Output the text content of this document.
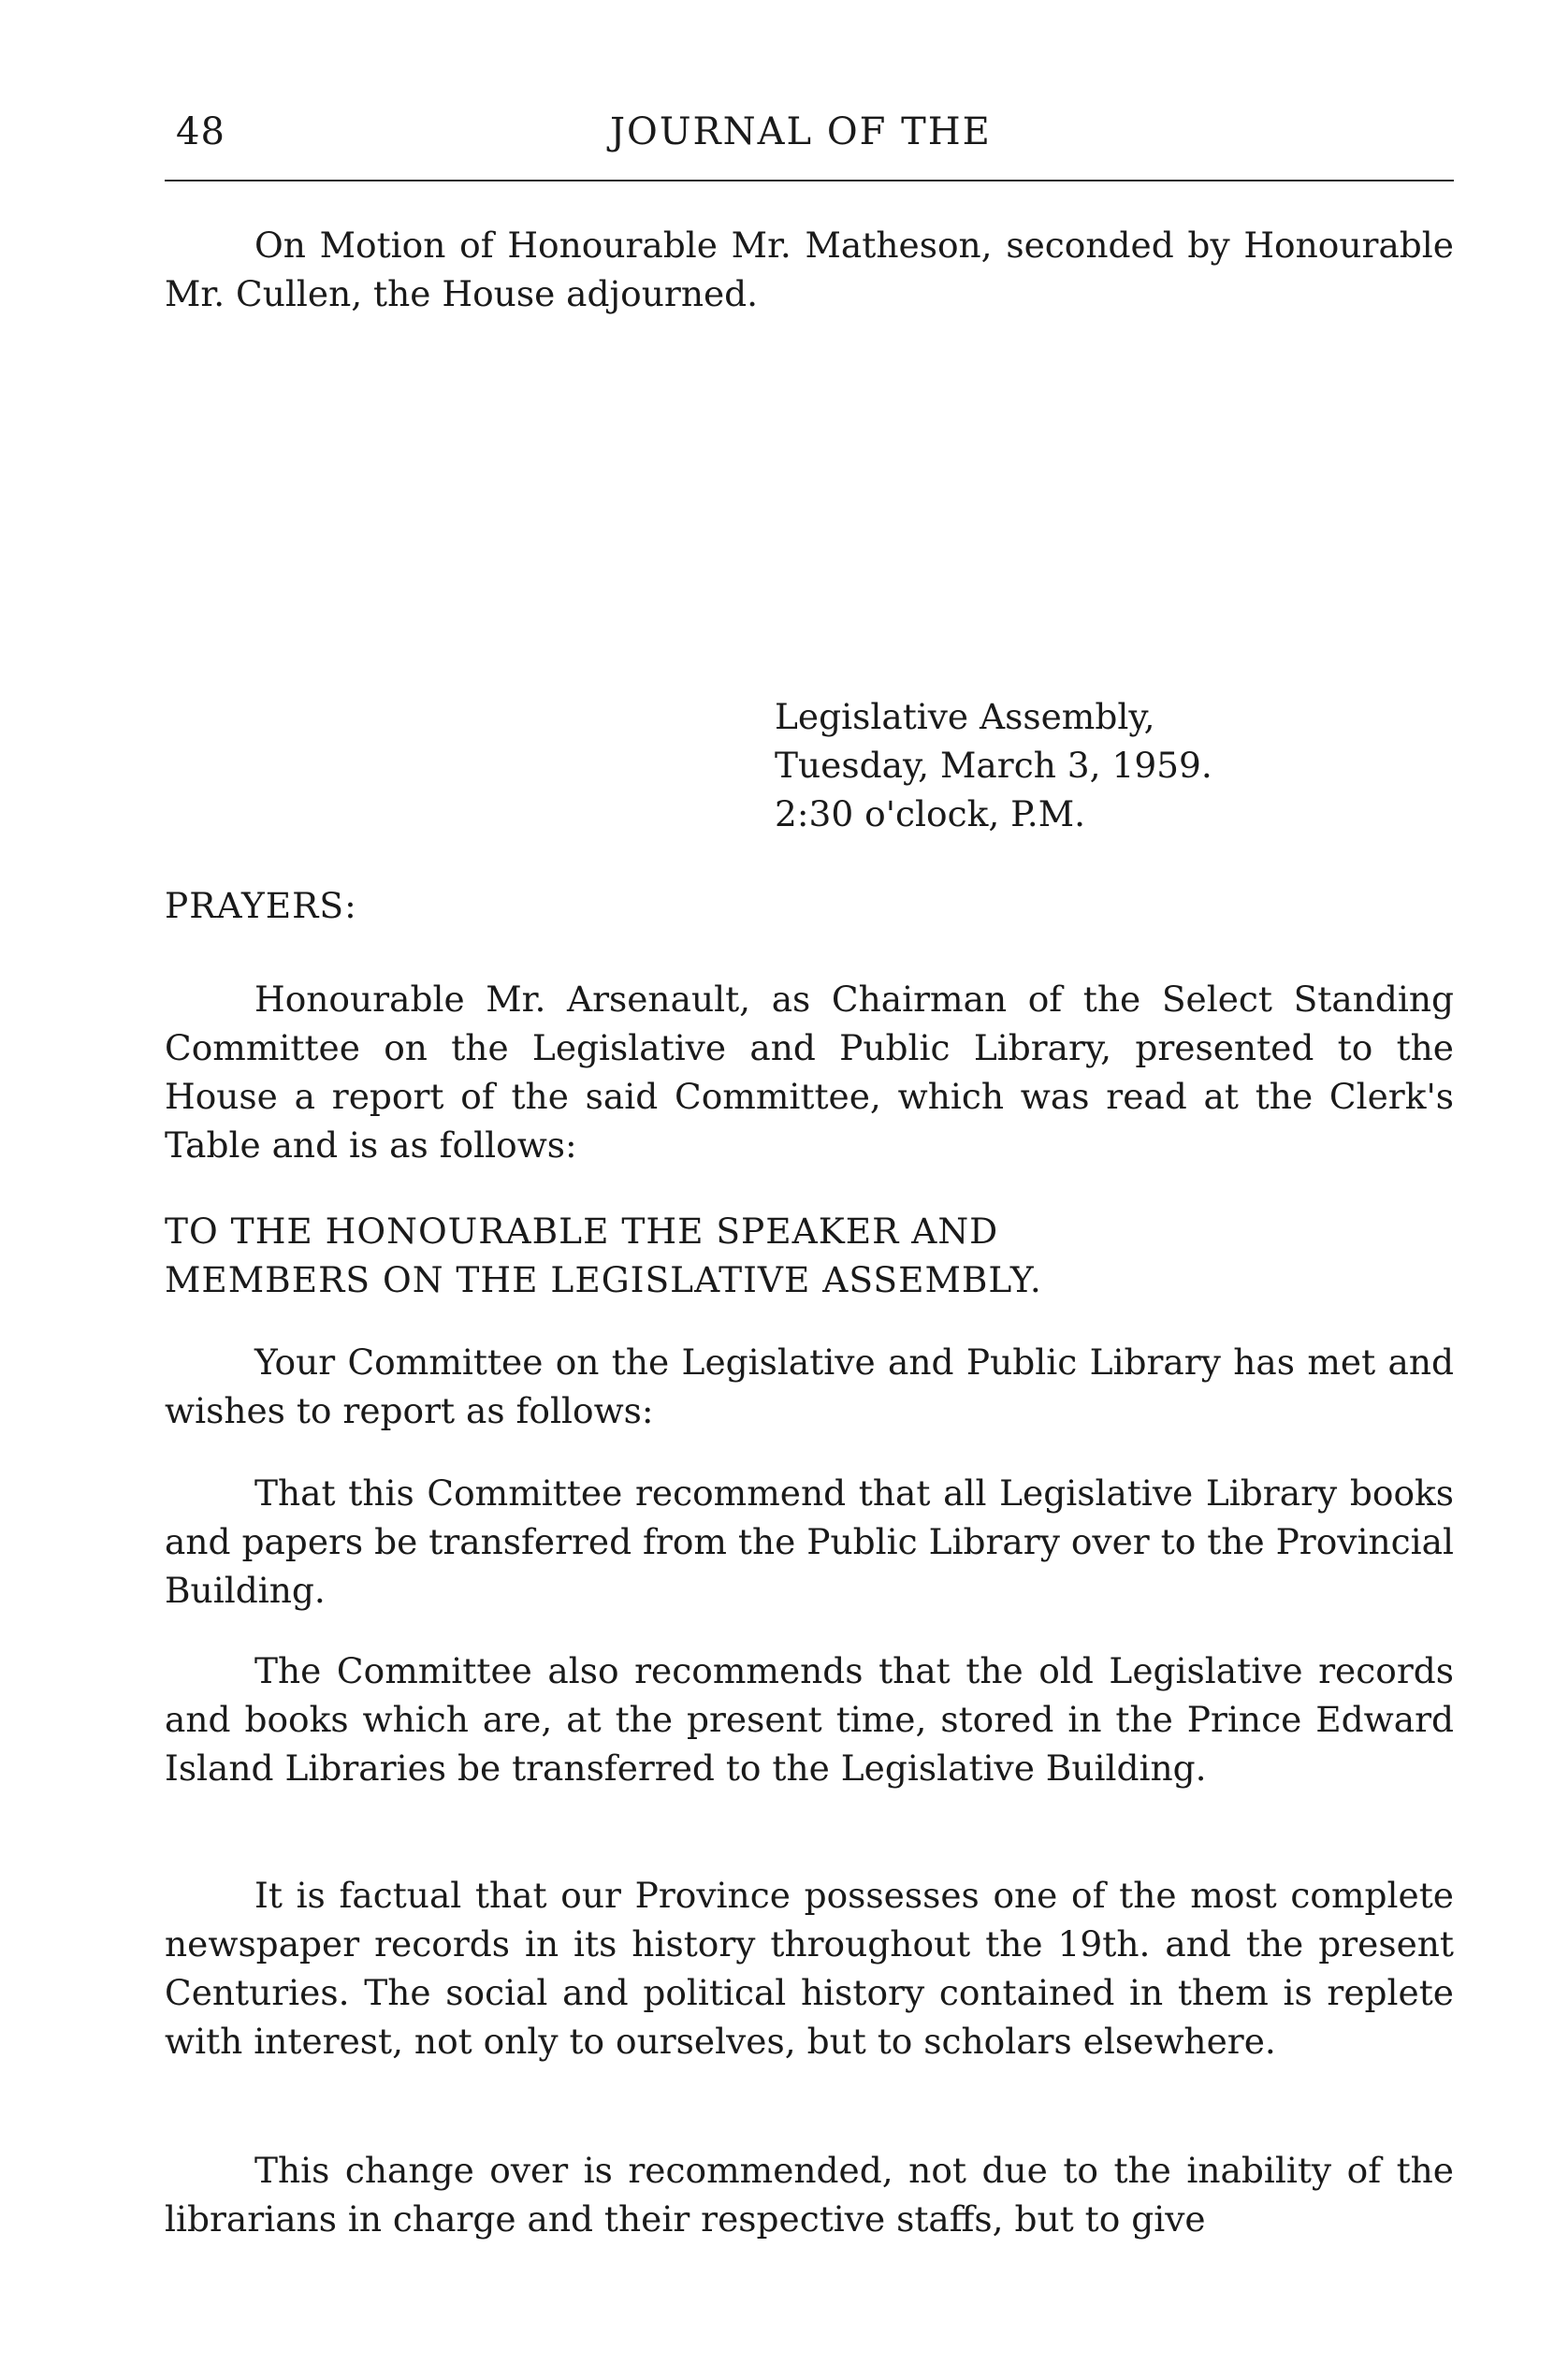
48	JOURNAL OF THE

On Motion of Honourable Mr. Matheson, seconded by Honourable Mr. Cullen, the House adjourned.

Legislative Assembly,
Tuesday, March 3, 1959.
2:30 o'clock, P.M.
PRAYERS:

Honourable Mr. Arsenault, as Chairman of the Select Standing Committee on the Legislative and Public Library, presented to the House a report of the said Committee, which was read at the Clerk's Table and is as follows:

TO THE HONOURABLE THE SPEAKER AND
MEMBERS ON THE LEGISLATIVE ASSEMBLY.

Your Committee on the Legislative and Public Library has met and wishes to report as follows:

That this Committee recommend that all Legislative Library books and papers be transferred from the Public Library over to the Provincial Building.

The Committee also recommends that the old Legislative records and books which are, at the present time, stored in the Prince Edward Island Libraries be transferred to the Legislative Building.

It is factual that our Province possesses one of the most complete newspaper records in its history throughout the 19th. and the present Centuries. The social and political history contained in them is replete with interest, not only to ourselves, but to scholars elsewhere.

This change over is recommended, not due to the inability of the librarians in charge and their respective staffs, but to give
